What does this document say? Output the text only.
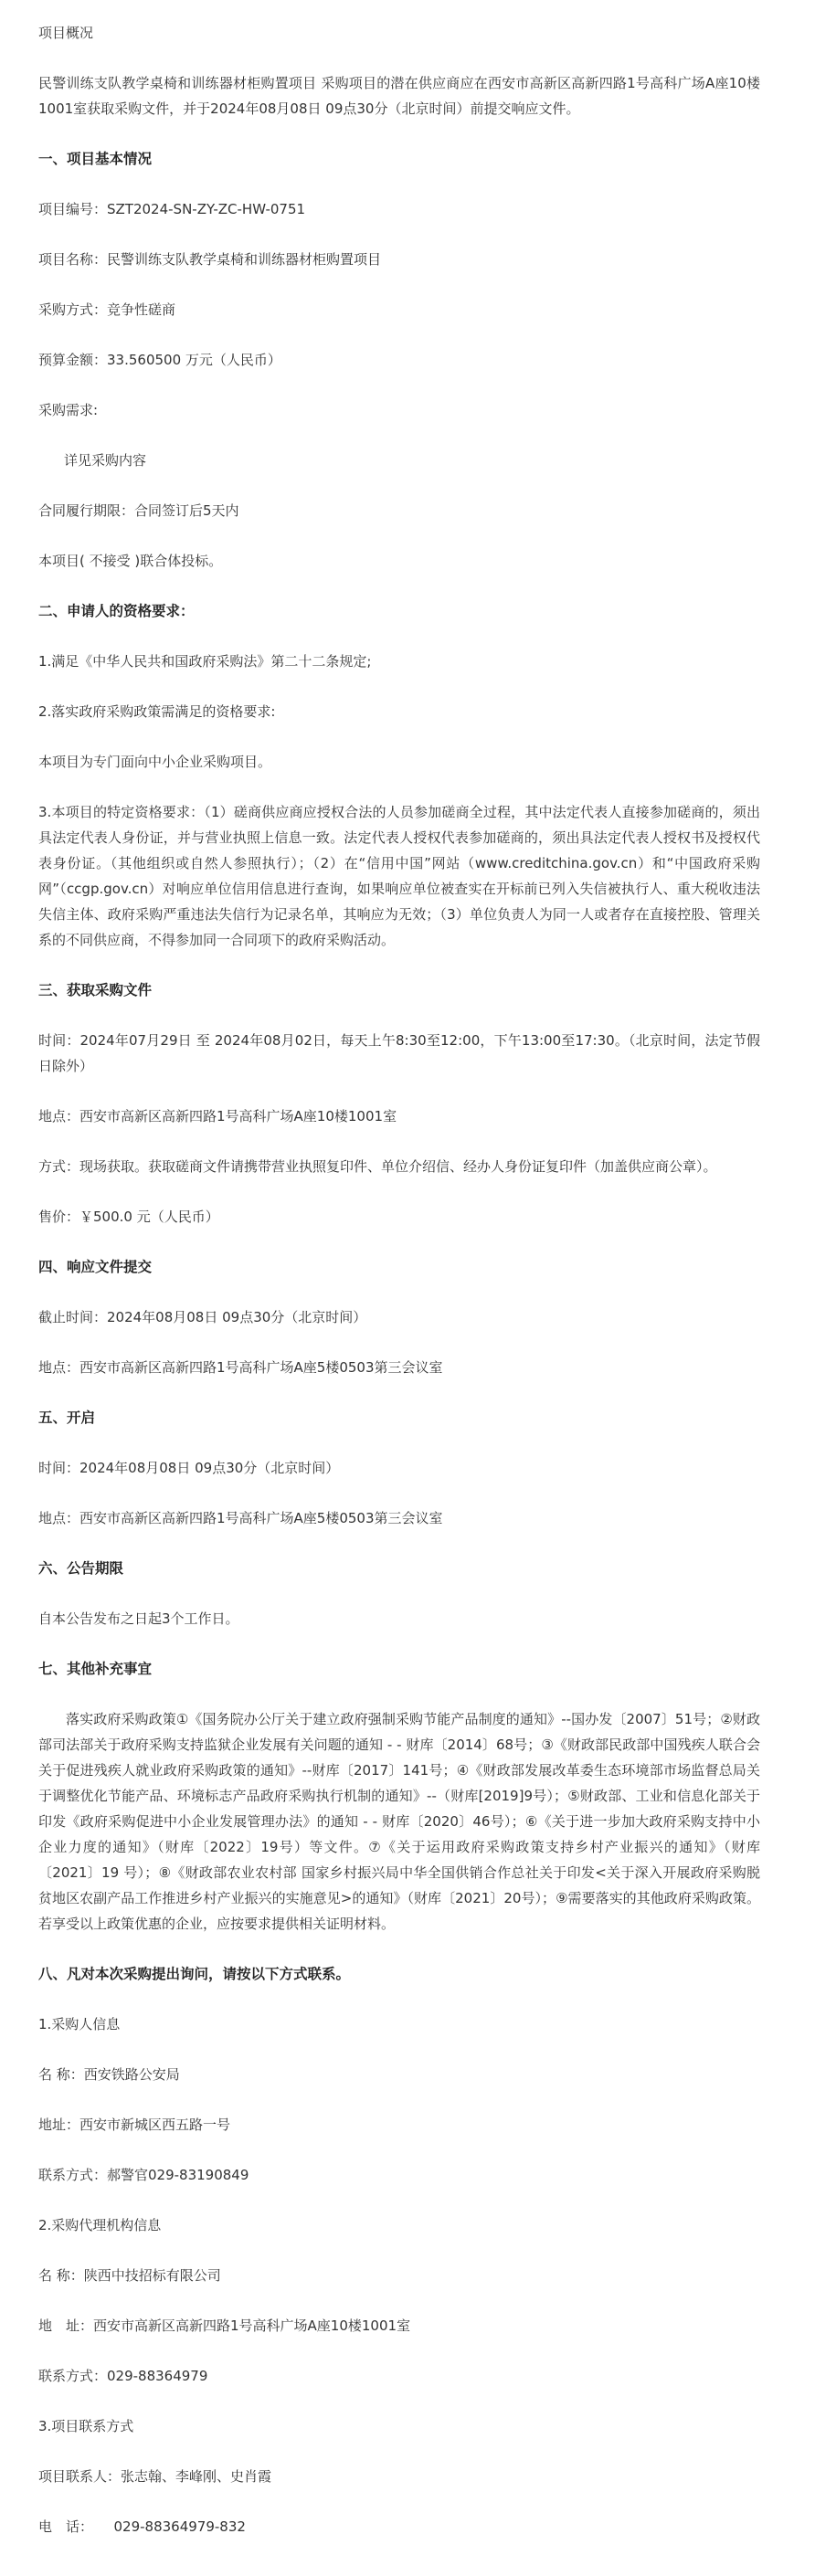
项目概况

民警训练支队教学桌椅和训练器材柜购置项目 采购项目的潜在供应商应在西安市高新区高新四路1号高科广场A座10楼1001室获取采购文件，并于2024年08月08日 09点30分（北京时间）前提交响应文件。

一、项目基本情况

项目编号：SZT2024-SN-ZY-ZC-HW-0751

项目名称：民警训练支队教学桌椅和训练器材柜购置项目

采购方式：竞争性磋商

预算金额：33.560500 万元（人民币）

采购需求:

详见采购内容

合同履行期限：合同签订后5天内

本项目( 不接受 )联合体投标。

二、申请人的资格要求：

1.满足《中华人民共和国政府采购法》第二十二条规定;

2.落实政府采购政策需满足的资格要求:

本项目为专门面向中小企业采购项目。

3.本项目的特定资格要求：（1）磋商供应商应授权合法的人员参加磋商全过程，其中法定代表人直接参加磋商的，须出具法定代表人身份证，并与营业执照上信息一致。法定代表人授权代表参加磋商的，须出具法定代表人授权书及授权代表身份证。（其他组织或自然人参照执行）；（2）在“信用中国”网站（www.creditchina.gov.cn）和“中国政府采购网”（ccgp.gov.cn）对响应单位信用信息进行查询，如果响应单位被查实在开标前已列入失信被执行人、重大税收违法失信主体、政府采购严重违法失信行为记录名单，其响应为无效；（3）单位负责人为同一人或者存在直接控股、管理关系的不同供应商，不得参加同一合同项下的政府采购活动。

三、获取采购文件

时间：2024年07月29日 至 2024年08月02日，每天上午8:30至12:00，下午13:00至17:30。（北京时间，法定节假日除外）

地点：西安市高新区高新四路1号高科广场A座10楼1001室

方式：现场获取。获取磋商文件请携带营业执照复印件、单位介绍信、经办人身份证复印件（加盖供应商公章）。

售价：￥500.0 元（人民币）

四、响应文件提交

截止时间：2024年08月08日 09点30分（北京时间）

地点：西安市高新区高新四路1号高科广场A座5楼0503第三会议室

五、开启

时间：2024年08月08日 09点30分（北京时间）

地点：西安市高新区高新四路1号高科广场A座5楼0503第三会议室

六、公告期限

自本公告发布之日起3个工作日。

七、其他补充事宜

落实政府采购政策①《国务院办公厅关于建立政府强制采购节能产品制度的通知》--国办发〔2007〕51号；②财政部司法部关于政府采购支持监狱企业发展有关问题的通知 - - 财库〔2014〕68号；③《财政部民政部中国残疾人联合会关于促进残疾人就业政府采购政策的通知》--财库〔2017〕141号；④《财政部发展改革委生态环境部市场监督总局关于调整优化节能产品、环境标志产品政府采购执行机制的通知》--（财库[2019]9号）；⑤财政部、工业和信息化部关于印发《政府采购促进中小企业发展管理办法》的通知 - - 财库〔2020〕46号）；⑥《关于进一步加大政府采购支持中小企业力度的通知》（财库〔2022〕19号）等文件。⑦《关于运用政府采购政策支持乡村产业振兴的通知》（财库〔2021〕19 号）；⑧《财政部农业农村部 国家乡村振兴局中华全国供销合作总社关于印发<关于深入开展政府采购脱贫地区农副产品工作推进乡村产业振兴的实施意见>的通知》（财库〔2021〕20号）；⑨需要落实的其他政府采购政策。若享受以上政策优惠的企业，应按要求提供相关证明材料。

八、凡对本次采购提出询问，请按以下方式联系。

1.采购人信息

名 称：西安铁路公安局

地址：西安市新城区西五路一号

联系方式：郝警官029-83190849

2.采购代理机构信息

名 称：陕西中技招标有限公司

地　址：西安市高新区高新四路1号高科广场A座10楼1001室

联系方式：029-88364979

3.项目联系方式

项目联系人：张志翰、李峰刚、史肖霞

电　话：　　029-88364979-832
